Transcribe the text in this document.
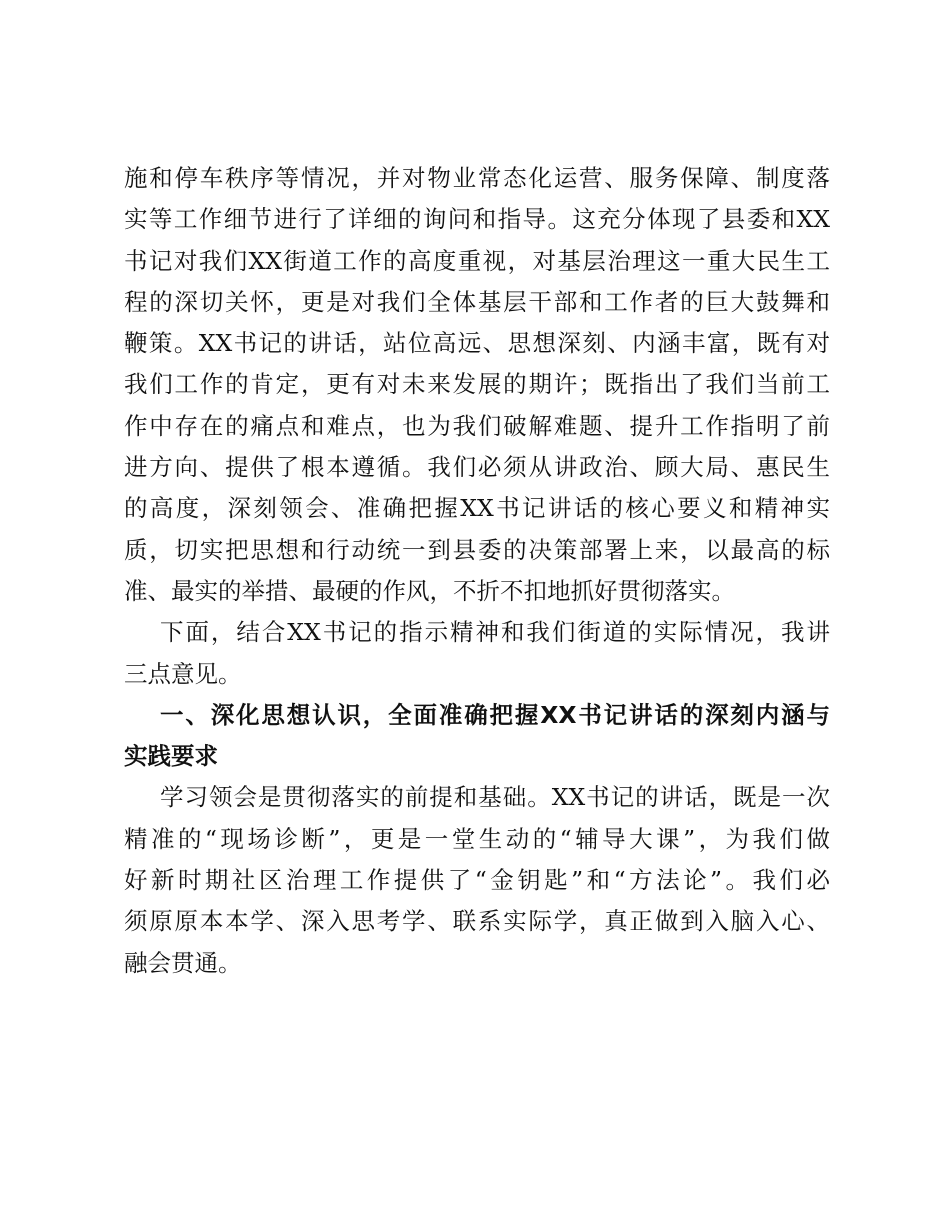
施和停车秩序等情况，并对物业常态化运营、服务保障、制度落
实等工作细节进行了详细的询问和指导。这充分体现了县委和XX
书记对我们XX街道工作的高度重视，对基层治理这一重大民生工
程的深切关怀，更是对我们全体基层干部和工作者的巨大鼓舞和
鞭策。XX书记的讲话，站位高远、思想深刻、内涵丰富，既有对
我们工作的肯定，更有对未来发展的期许；既指出了我们当前工
作中存在的痛点和难点，也为我们破解难题、提升工作指明了前
进方向、提供了根本遵循。我们必须从讲政治、顾大局、惠民生
的高度，深刻领会、准确把握XX书记讲话的核心要义和精神实
质，切实把思想和行动统一到县委的决策部署上来，以最高的标
准、最实的举措、最硬的作风，不折不扣地抓好贯彻落实。
下面，结合XX书记的指示精神和我们街道的实际情况，我讲
三点意见。
一、深化思想认识，全面准确把握XX书记讲话的深刻内涵与
实践要求
学习领会是贯彻落实的前提和基础。XX书记的讲话，既是一次
精准的“现场诊断”，更是一堂生动的“辅导大课”，为我们做
好新时期社区治理工作提供了“金钥匙”和“方法论”。我们必
须原原本本学、深入思考学、联系实际学，真正做到入脑入心、
融会贯通。
